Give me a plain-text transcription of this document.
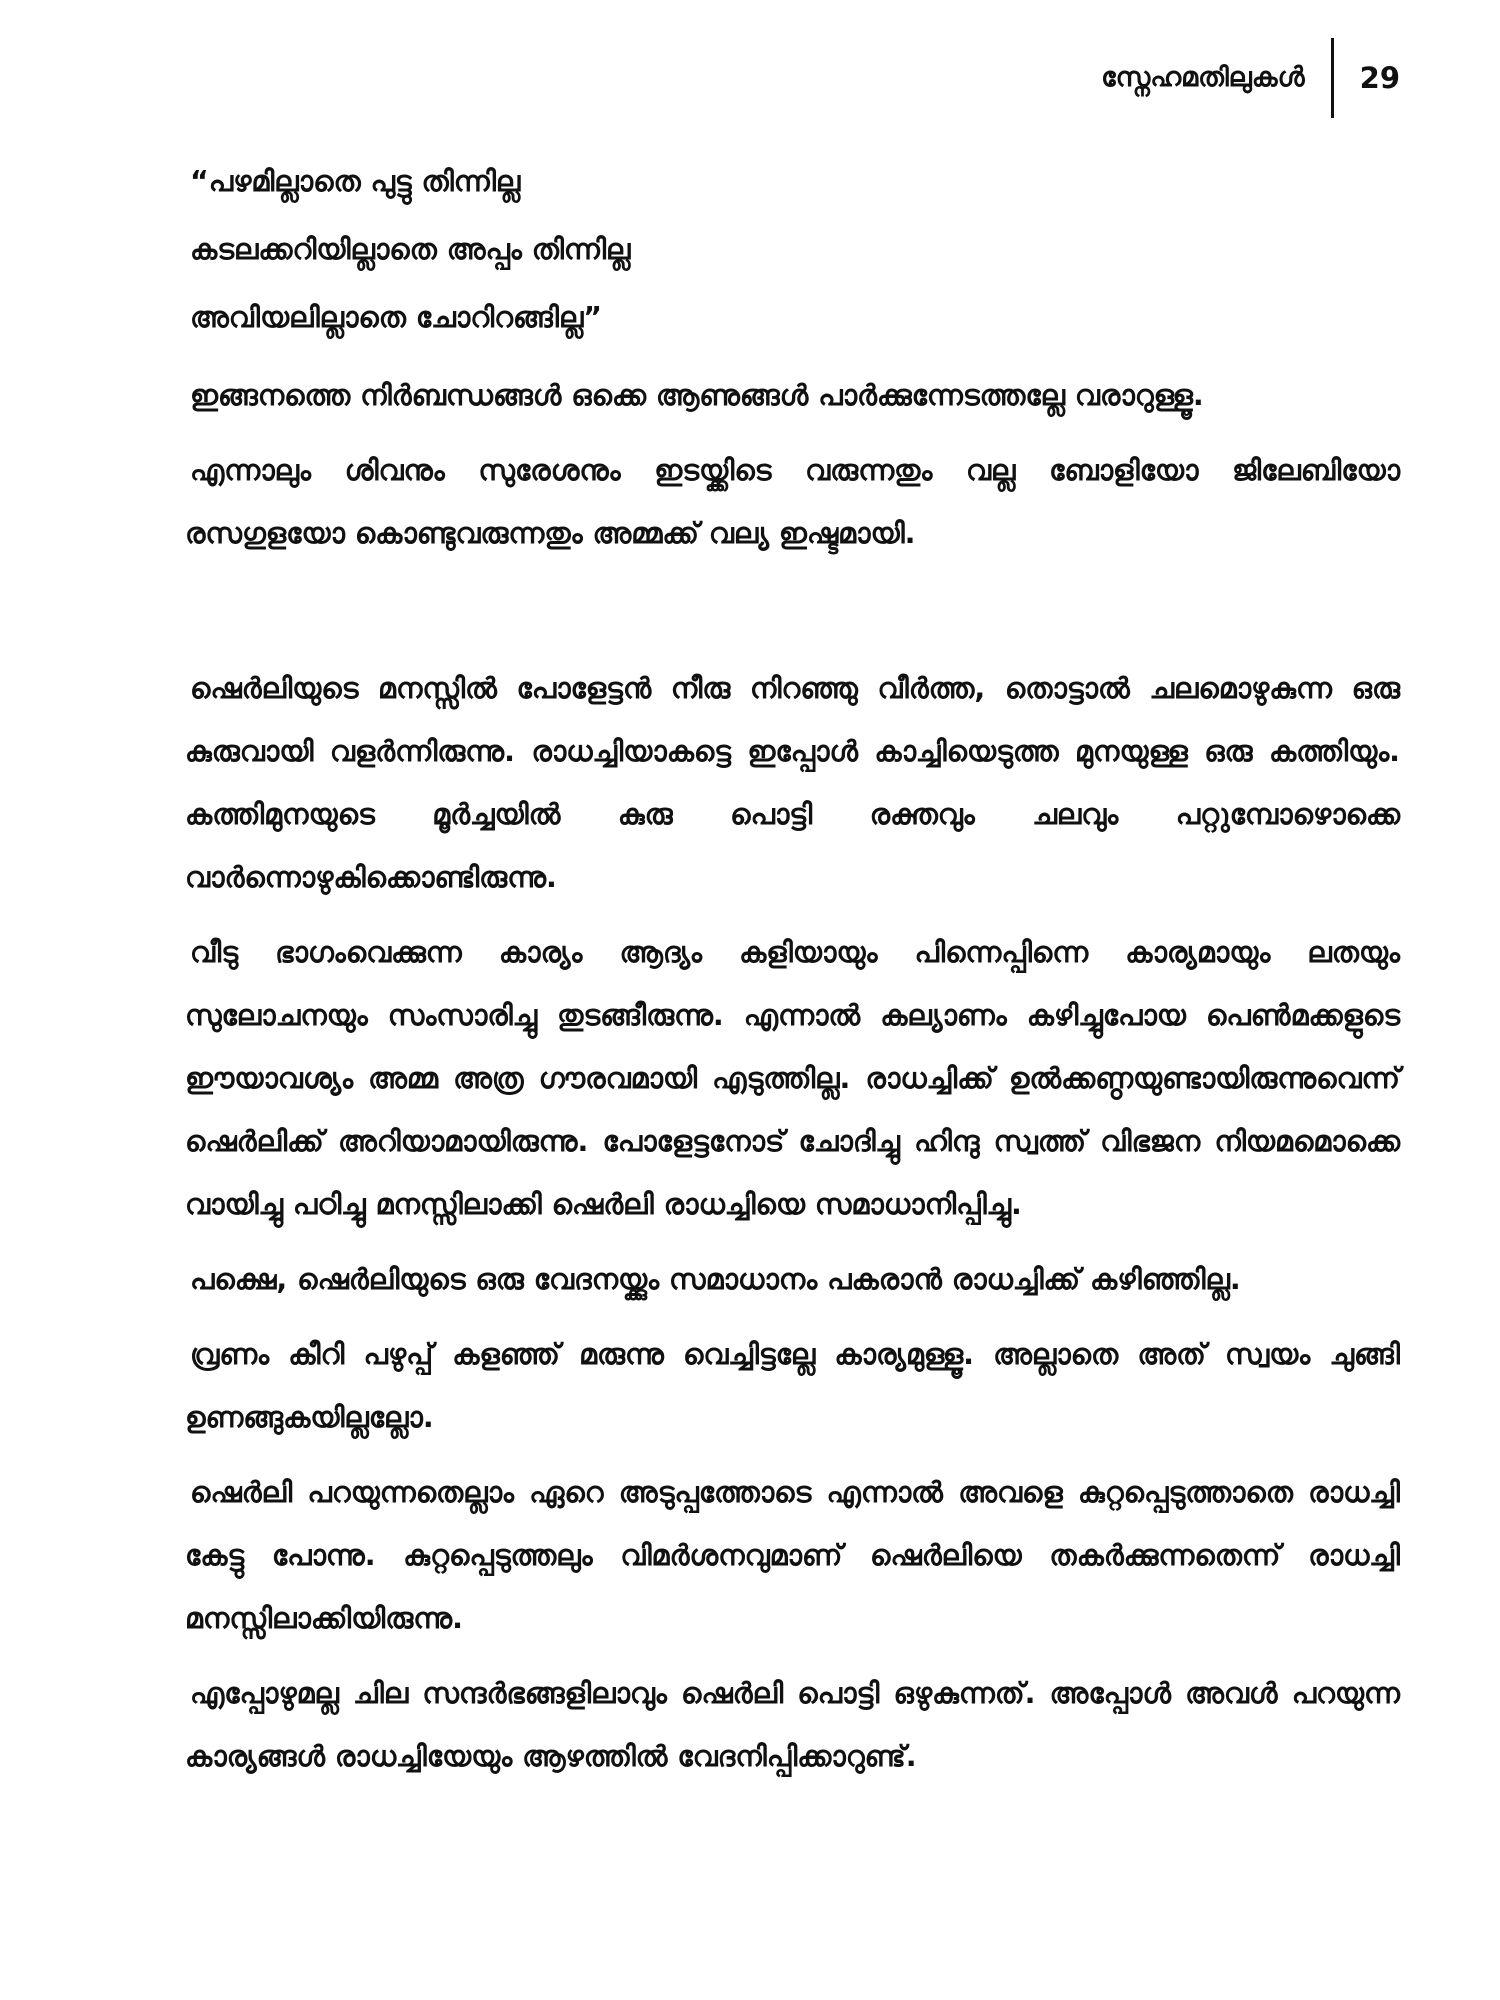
സ്നേഹമതിലുകൾ	29
“പഴമില്ലാതെ പുട്ടു തിന്നില്ല
കടലക്കറിയില്ലാതെ അപ്പം തിന്നില്ല
അവിയലില്ലാതെ ചോറിറങ്ങില്ല”

ഇങ്ങനത്തെ നിർബന്ധങ്ങൾ ഒക്കെ ആണുങ്ങൾ പാർക്കുന്നേടത്തല്ലേ വരാറുള്ളൂ.

എന്നാലും ശിവനും സുരേശനും ഇടയ്ക്കിടെ വരുന്നതും വല്ല ബോളിയോ ജിലേബിയോ രസഗുളയോ കൊണ്ടുവരുന്നതും അമ്മക്ക് വല്യ ഇഷ്ടമായി.

ഷെർലിയുടെ മനസ്സിൽ പോളേട്ടൻ നീരു നിറഞ്ഞു വീർത്ത, തൊട്ടാൽ ചലമൊഴുകുന്ന ഒരു കുരുവായി വളർന്നിരുന്നു. രാധച്ചിയാകട്ടെ ഇപ്പോൾ കാച്ചിയെടുത്ത മുനയുള്ള ഒരു കത്തിയും. കത്തിമുനയുടെ മൂർച്ചയിൽ കുരു പൊട്ടി രക്തവും ചലവും പറ്റുമ്പോഴൊക്കെ വാർന്നൊഴുകിക്കൊണ്ടിരുന്നു.

വീടു ഭാഗംവെക്കുന്ന കാര്യം ആദ്യം കളിയായും പിന്നെപ്പിന്നെ കാര്യമായും ലതയും സുലോചനയും സംസാരിച്ചു തുടങ്ങീരുന്നു. എന്നാൽ കല്യാണം കഴിച്ചുപോയ പെൺമക്കളുടെ ഈയാവശ്യം അമ്മ അത്ര ഗൗരവമായി എടുത്തില്ല. രാധച്ചിക്ക് ഉൽക്കണ്ഠയുണ്ടായിരുന്നുവെന്ന് ഷെർലിക്ക് അറിയാമായിരുന്നു. പോളേട്ടനോട് ചോദിച്ചു ഹിന്ദു സ്വത്ത് വിഭജന നിയമമൊക്കെ വായിച്ചു പഠിച്ചു മനസ്സിലാക്കി ഷെർലി രാധച്ചിയെ സമാധാനിപ്പിച്ചു.

പക്ഷെ, ഷെർലിയുടെ ഒരു വേദനയ്ക്കും സമാധാനം പകരാൻ രാധച്ചിക്ക് കഴിഞ്ഞില്ല.

വ്രണം കീറി പഴുപ്പ് കളഞ്ഞ് മരുന്നു വെച്ചിട്ടല്ലേ കാര്യമുള്ളൂ. അല്ലാതെ അത് സ്വയം ചുങ്ങി ഉണങ്ങുകയില്ലല്ലോ.

ഷെർലി പറയുന്നതെല്ലാം ഏറെ അടുപ്പത്തോടെ എന്നാൽ അവളെ കുറ്റപ്പെടുത്താതെ രാധച്ചി കേട്ടു പോന്നു. കുറ്റപ്പെടുത്തലും വിമർശനവുമാണ് ഷെർലിയെ തകർക്കുന്നതെന്ന് രാധച്ചി മനസ്സിലാക്കിയിരുന്നു.

എപ്പോഴുമല്ല ചില സന്ദർഭങ്ങളിലാവും ഷെർലി പൊട്ടി ഒഴുകുന്നത്. അപ്പോൾ അവൾ പറയുന്ന കാര്യങ്ങൾ രാധച്ചിയേയും ആഴത്തിൽ വേദനിപ്പിക്കാറുണ്ട്.
